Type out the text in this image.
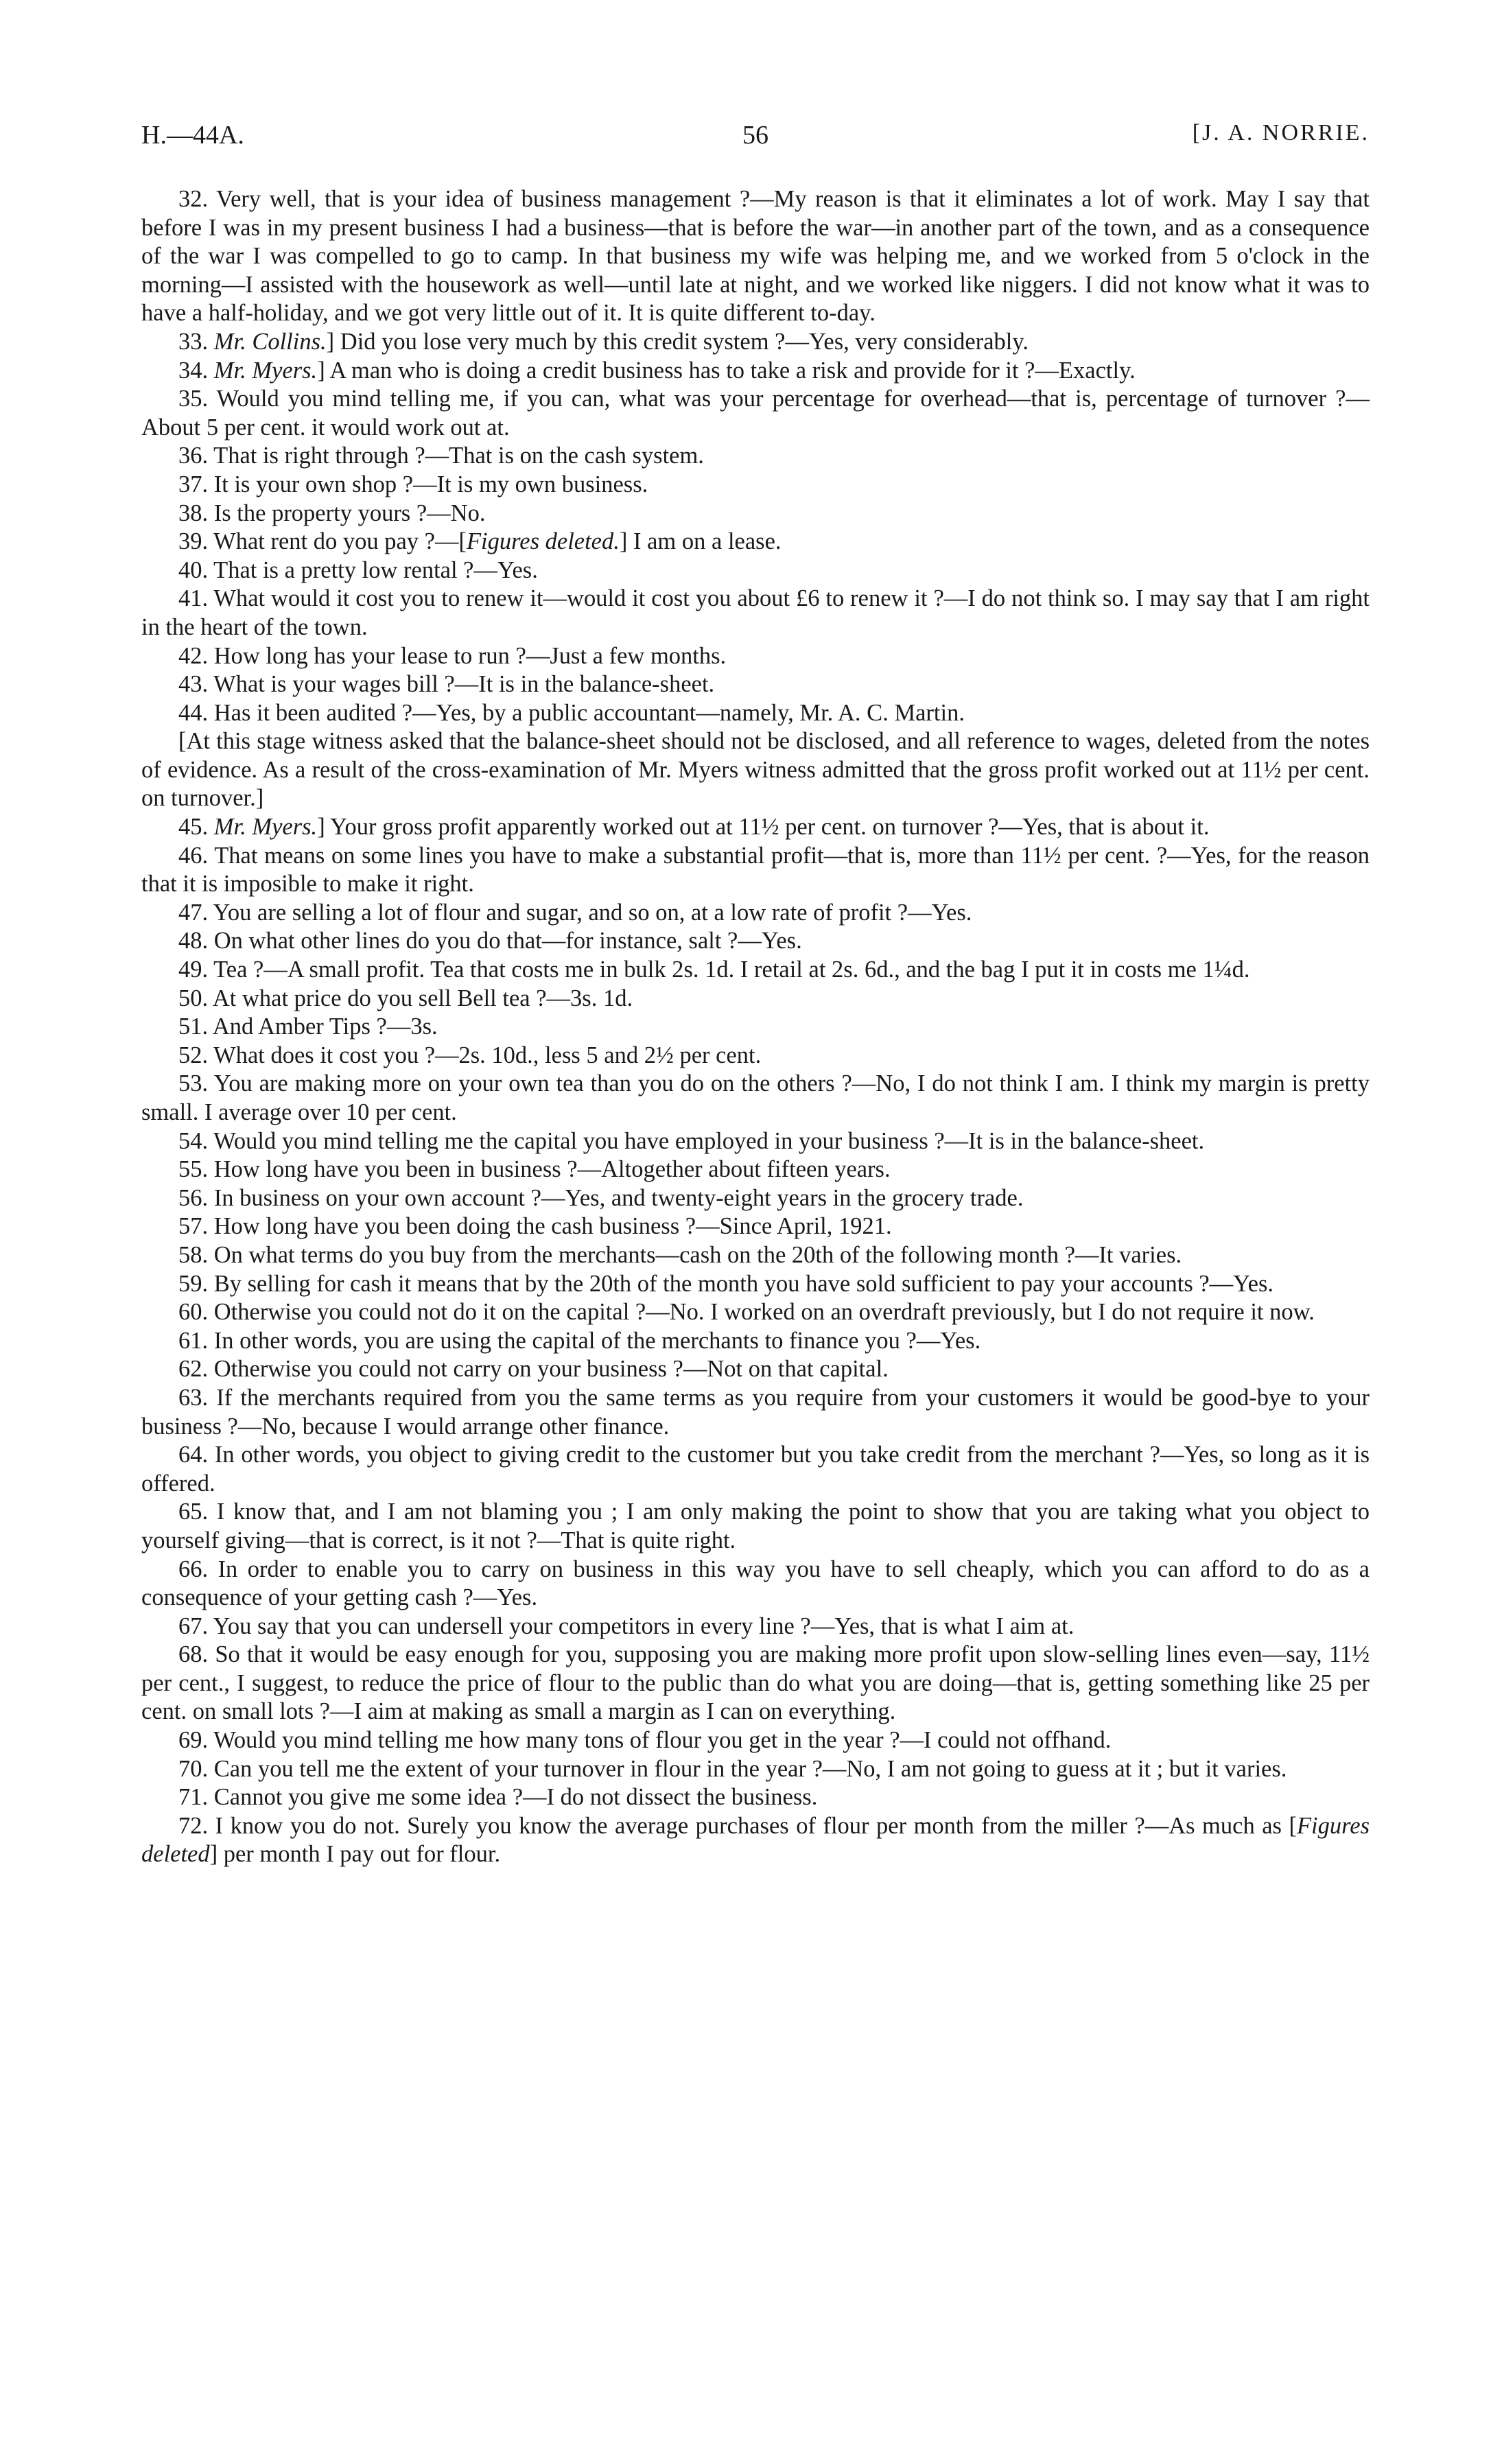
H.—44A.	56	[J. A. NORRIE.

32. Very well, that is your idea of business management ?—My reason is that it eliminates a lot of work. May I say that before I was in my present business I had a business—that is before the war—in another part of the town, and as a consequence of the war I was compelled to go to camp. In that business my wife was helping me, and we worked from 5 o'clock in the morning—I assisted with the housework as well—until late at night, and we worked like niggers. I did not know what it was to have a half-holiday, and we got very little out of it. It is quite different to-day.

33. Mr. Collins.] Did you lose very much by this credit system ?—Yes, very considerably.

34. Mr. Myers.] A man who is doing a credit business has to take a risk and provide for it ?—Exactly.

35. Would you mind telling me, if you can, what was your percentage for overhead—that is, percentage of turnover ?—About 5 per cent. it would work out at.

36. That is right through ?—That is on the cash system.

37. It is your own shop ?—It is my own business.

38. Is the property yours ?—No.

39. What rent do you pay ?—[Figures deleted.] I am on a lease.

40. That is a pretty low rental ?—Yes.

41. What would it cost you to renew it—would it cost you about £6 to renew it ?—I do not think so. I may say that I am right in the heart of the town.

42. How long has your lease to run ?—Just a few months.

43. What is your wages bill ?—It is in the balance-sheet.

44. Has it been audited ?—Yes, by a public accountant—namely, Mr. A. C. Martin.

[At this stage witness asked that the balance-sheet should not be disclosed, and all reference to wages, deleted from the notes of evidence. As a result of the cross-examination of Mr. Myers witness admitted that the gross profit worked out at 11½ per cent. on turnover.]

45. Mr. Myers.] Your gross profit apparently worked out at 11½ per cent. on turnover ?—Yes, that is about it.

46. That means on some lines you have to make a substantial profit—that is, more than 11½ per cent. ?—Yes, for the reason that it is imposible to make it right.

47. You are selling a lot of flour and sugar, and so on, at a low rate of profit ?—Yes.

48. On what other lines do you do that—for instance, salt ?—Yes.

49. Tea ?—A small profit. Tea that costs me in bulk 2s. 1d. I retail at 2s. 6d., and the bag I put it in costs me 1¼d.

50. At what price do you sell Bell tea ?—3s. 1d.

51. And Amber Tips ?—3s.

52. What does it cost you ?—2s. 10d., less 5 and 2½ per cent.

53. You are making more on your own tea than you do on the others ?—No, I do not think I am. I think my margin is pretty small. I average over 10 per cent.

54. Would you mind telling me the capital you have employed in your business ?—It is in the balance-sheet.

55. How long have you been in business ?—Altogether about fifteen years.

56. In business on your own account ?—Yes, and twenty-eight years in the grocery trade.

57. How long have you been doing the cash business ?—Since April, 1921.

58. On what terms do you buy from the merchants—cash on the 20th of the following month ?—It varies.

59. By selling for cash it means that by the 20th of the month you have sold sufficient to pay your accounts ?—Yes.

60. Otherwise you could not do it on the capital ?—No. I worked on an overdraft previously, but I do not require it now.

61. In other words, you are using the capital of the merchants to finance you ?—Yes.

62. Otherwise you could not carry on your business ?—Not on that capital.

63. If the merchants required from you the same terms as you require from your customers it would be good-bye to your business ?—No, because I would arrange other finance.

64. In other words, you object to giving credit to the customer but you take credit from the merchant ?—Yes, so long as it is offered.

65. I know that, and I am not blaming you ; I am only making the point to show that you are taking what you object to yourself giving—that is correct, is it not ?—That is quite right.

66. In order to enable you to carry on business in this way you have to sell cheaply, which you can afford to do as a consequence of your getting cash ?—Yes.

67. You say that you can undersell your competitors in every line ?—Yes, that is what I aim at.

68. So that it would be easy enough for you, supposing you are making more profit upon slow-selling lines even—say, 11½ per cent., I suggest, to reduce the price of flour to the public than do what you are doing—that is, getting something like 25 per cent. on small lots ?—I aim at making as small a margin as I can on everything.

69. Would you mind telling me how many tons of flour you get in the year ?—I could not offhand.

70. Can you tell me the extent of your turnover in flour in the year ?—No, I am not going to guess at it ; but it varies.

71. Cannot you give me some idea ?—I do not dissect the business.

72. I know you do not. Surely you know the average purchases of flour per month from the miller ?—As much as [Figures deleted] per month I pay out for flour.
